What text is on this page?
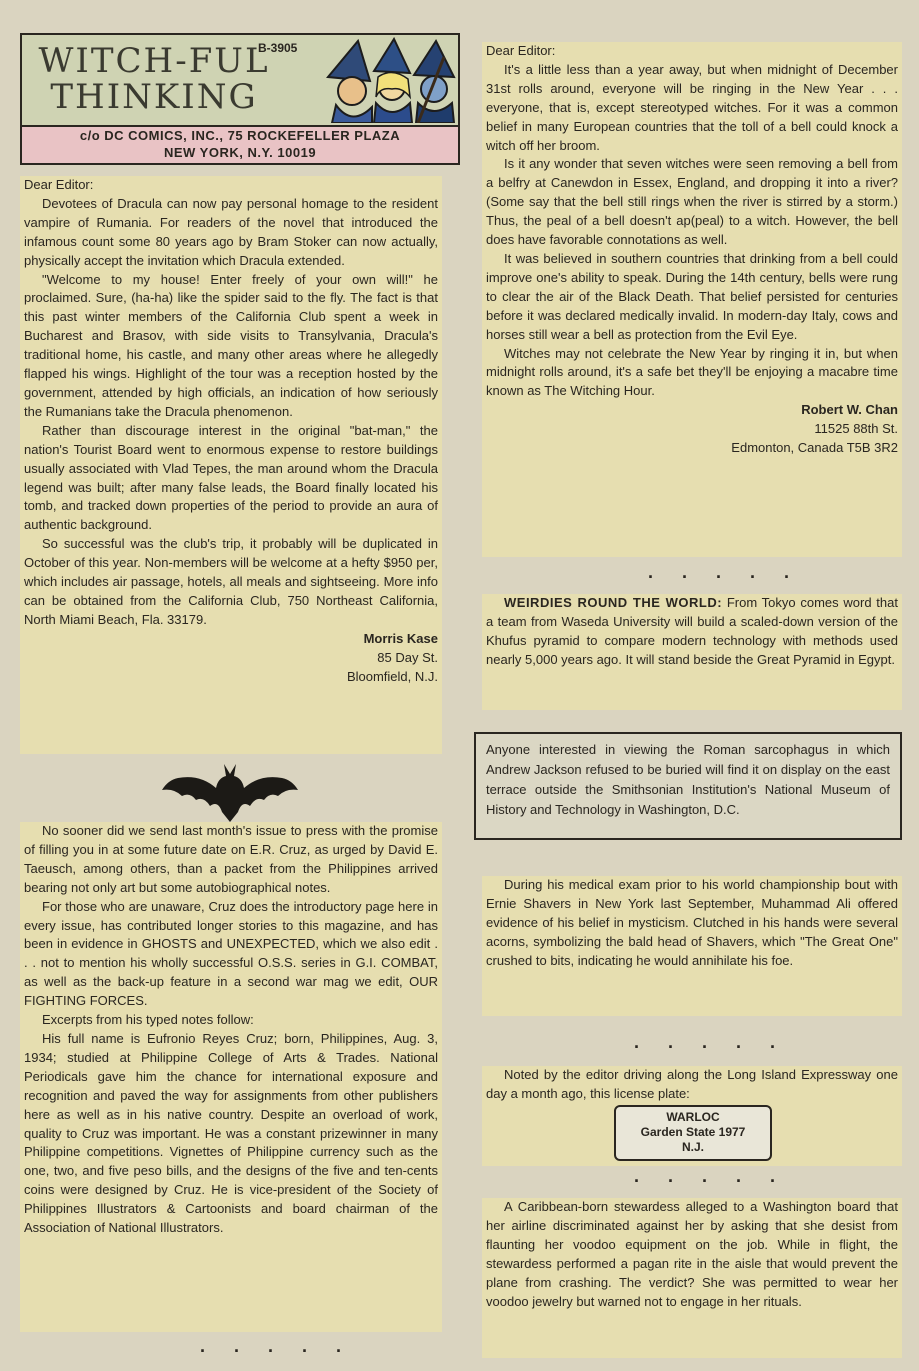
WITCH-FUL
THINKING
B-3905
c/o DC COMICS, INC., 75 ROCKEFELLER PLAZA
NEW YORK, N.Y. 10019

Dear Editor:

Devotees of Dracula can now pay personal homage to the resident vampire of Rumania. For readers of the novel that introduced the infamous count some 80 years ago by Bram Stoker can now actually, physically accept the invitation which Dracula extended.

"Welcome to my house! Enter freely of your own will!" he proclaimed. Sure, (ha-ha) like the spider said to the fly. The fact is that this past winter members of the California Club spent a week in Bucharest and Brasov, with side visits to Transylvania, Dracula's traditional home, his castle, and many other areas where he allegedly flapped his wings. Highlight of the tour was a reception hosted by the government, attended by high officials, an indication of how seriously the Rumanians take the Dracula phenomenon.

Rather than discourage interest in the original "bat-man," the nation's Tourist Board went to enormous expense to restore buildings usually associated with Vlad Tepes, the man around whom the Dracula legend was built; after many false leads, the Board finally located his tomb, and tracked down properties of the period to provide an aura of authentic background.

So successful was the club's trip, it probably will be duplicated in October of this year. Non-members will be welcome at a hefty $950 per, which includes air passage, hotels, all meals and sightseeing. More info can be obtained from the California Club, 750 Northeast California, North Miami Beach, Fla. 33179.

Morris Kase
85 Day St.
Bloomfield, N.J.

No sooner did we send last month's issue to press with the promise of filling you in at some future date on E.R. Cruz, as urged by David E. Taeusch, among others, than a packet from the Philippines arrived bearing not only art but some autobiographical notes.

For those who are unaware, Cruz does the introductory page here in every issue, has contributed longer stories to this magazine, and has been in evidence in GHOSTS and UNEXPECTED, which we also edit . . . not to mention his wholly successful O.S.S. series in G.I. COMBAT, as well as the back-up feature in a second war mag we edit, OUR FIGHTING FORCES.

Excerpts from his typed notes follow:

His full name is Eufronio Reyes Cruz; born, Philippines, Aug. 3, 1934; studied at Philippine College of Arts & Trades. National Periodicals gave him the chance for international exposure and recognition and paved the way for assignments from other publishers here as well as in his native country. Despite an overload of work, quality to Cruz was important. He was a constant prizewinner in many Philippine competitions. Vignettes of Philippine currency such as the one, two, and five peso bills, and the designs of the five and ten-cents coins were designed by Cruz. He is vice-president of the Society of Philippines Illustrators & Cartoonists and board chairman of the Association of National Illustrators.

. . . . .

Dear Editor:

It's a little less than a year away, but when midnight of December 31st rolls around, everyone will be ringing in the New Year . . . everyone, that is, except stereotyped witches. For it was a common belief in many European countries that the toll of a bell could knock a witch off her broom.

Is it any wonder that seven witches were seen removing a bell from a belfry at Canewdon in Essex, England, and dropping it into a river? (Some say that the bell still rings when the river is stirred by a storm.) Thus, the peal of a bell doesn't ap(peal) to a witch. However, the bell does have favorable connotations as well.

It was believed in southern countries that drinking from a bell could improve one's ability to speak. During the 14th century, bells were rung to clear the air of the Black Death. That belief persisted for centuries before it was declared medically invalid. In modern-day Italy, cows and horses still wear a bell as protection from the Evil Eye.

Witches may not celebrate the New Year by ringing it in, but when midnight rolls around, it's a safe bet they'll be enjoying a macabre time known as The Witching Hour.

Robert W. Chan
11525 88th St.
Edmonton, Canada T5B 3R2
. . . . .

WEIRDIES ROUND THE WORLD: From Tokyo comes word that a team from Waseda University will build a scaled-down version of the Khufus pyramid to compare modern technology with methods used nearly 5,000 years ago. It will stand beside the Great Pyramid in Egypt.

Anyone interested in viewing the Roman sarcophagus in which Andrew Jackson refused to be buried will find it on display on the east terrace outside the Smithsonian Institution's National Museum of History and Technology in Washington, D.C.

During his medical exam prior to his world championship bout with Ernie Shavers in New York last September, Muhammad Ali offered evidence of his belief in mysticism. Clutched in his hands were several acorns, symbolizing the bald head of Shavers, which "The Great One" crushed to bits, indicating he would annihilate his foe.

. . . . .

Noted by the editor driving along the Long Island Expressway one day a month ago, this license plate:

WARLOC
Garden State 1977
N.J.
. . . . .

A Caribbean-born stewardess alleged to a Washington board that her airline discriminated against her by asking that she desist from flaunting her voodoo equipment on the job. While in flight, the stewardess performed a pagan rite in the aisle that would prevent the plane from crashing. The verdict? She was permitted to wear her voodoo jewelry but warned not to engage in her rituals.
